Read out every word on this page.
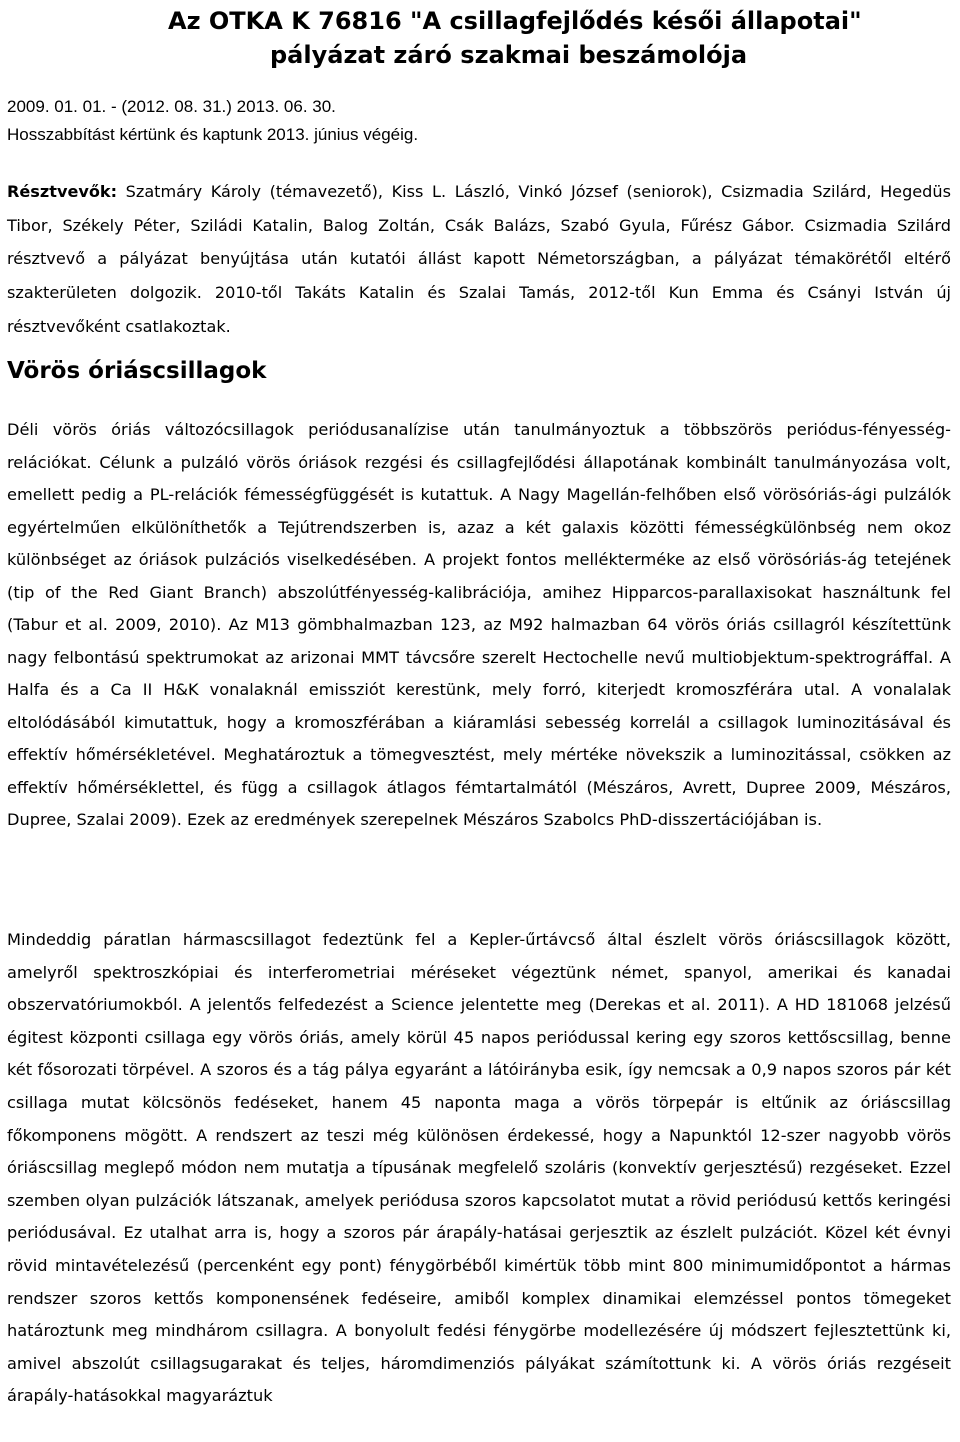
Az OTKA K 76816 "A csillagfejlődés késői állapotai"
pályázat záró szakmai beszámolója
2009. 01. 01. - (2012. 08. 31.) 2013. 06. 30.
Hosszabbítást kértünk és kaptunk 2013. június végéig.

Résztvevők: Szatmáry Károly (témavezető), Kiss L. László, Vinkó József (seniorok), Csizmadia Szilárd, Hegedüs Tibor, Székely Péter, Sziládi Katalin, Balog Zoltán, Csák Balázs, Szabó Gyula, Fűrész Gábor. Csizmadia Szilárd résztvevő a pályázat benyújtása után kutatói állást kapott Németországban, a pályázat témakörétől eltérő szakterületen dolgozik. 2010-től Takáts Katalin és Szalai Tamás, 2012-től Kun Emma és Csányi István új résztvevőként csatlakoztak.

Vörös óriáscsillagok

Déli vörös óriás változócsillagok periódusanalízise után tanulmányoztuk a többszörös periódus-fényesség-relációkat. Célunk a pulzáló vörös óriások rezgési és csillagfejlődési állapotának kombinált tanulmányozása volt, emellett pedig a PL-relációk fémességfüggését is kutattuk. A Nagy Magellán-felhőben első vörösóriás-ági pulzálók egyértelműen elkülöníthetők a Tejútrendszerben is, azaz a két galaxis közötti fémességkülönbség nem okoz különbséget az óriások pulzációs viselkedésében. A projekt fontos mellékterméke az első vörösóriás-ág tetejének (tip of the Red Giant Branch) abszolútfényesség-kalibrációja, amihez Hipparcos-parallaxisokat használtunk fel (Tabur et al. 2009, 2010). Az M13 gömbhalmazban 123, az M92 halmazban 64 vörös óriás csillagról készítettünk nagy felbontású spektrumokat az arizonai MMT távcsőre szerelt Hectochelle nevű multiobjektum-spektrográffal. A Halfa és a Ca II H&K vonalaknál emissziót kerestünk, mely forró, kiterjedt kromoszférára utal. A vonalalak eltolódásából kimutattuk, hogy a kromoszférában a kiáramlási sebesség korrelál a csillagok luminozitásával és effektív hőmérsékletével. Meghatároztuk a tömegvesztést, mely mértéke növekszik a luminozitással, csökken az effektív hőmérséklettel, és függ a csillagok átlagos fémtartalmától (Mészáros, Avrett, Dupree 2009, Mészáros, Dupree, Szalai 2009). Ezek az eredmények szerepelnek Mészáros Szabolcs PhD-disszertációjában is.

Mindeddig páratlan hármascsillagot fedeztünk fel a Kepler-űrtávcső által észlelt vörös óriáscsillagok között, amelyről spektroszkópiai és interferometriai méréseket végeztünk német, spanyol, amerikai és kanadai obszervatóriumokból. A jelentős felfedezést a Science jelentette meg (Derekas et al. 2011). A HD 181068 jelzésű égitest központi csillaga egy vörös óriás, amely körül 45 napos periódussal kering egy szoros kettőscsillag, benne két fősorozati törpével. A szoros és a tág pálya egyaránt a látóirányba esik, így nemcsak a 0,9 napos szoros pár két csillaga mutat kölcsönös fedéseket, hanem 45 naponta maga a vörös törpepár is eltűnik az óriáscsillag főkomponens mögött. A rendszert az teszi még különösen érdekessé, hogy a Napunktól 12-szer nagyobb vörös óriáscsillag meglepő módon nem mutatja a típusának megfelelő szoláris (konvektív gerjesztésű) rezgéseket. Ezzel szemben olyan pulzációk látszanak, amelyek periódusa szoros kapcsolatot mutat a rövid periódusú kettős keringési periódusával. Ez utalhat arra is, hogy a szoros pár árapály-hatásai gerjesztik az észlelt pulzációt. Közel két évnyi rövid mintavételezésű (percenként egy pont) fénygörbéből kimértük több mint 800 minimumidőpontot a hármas rendszer szoros kettős komponensének fedéseire, amiből komplex dinamikai elemzéssel pontos tömegeket határoztunk meg mindhárom csillagra. A bonyolult fedési fénygörbe modellezésére új módszert fejlesztettünk ki, amivel abszolút csillagsugarakat és teljes, háromdimenziós pályákat számítottunk ki. A vörös óriás rezgéseit árapály-hatásokkal magyaráztuk
